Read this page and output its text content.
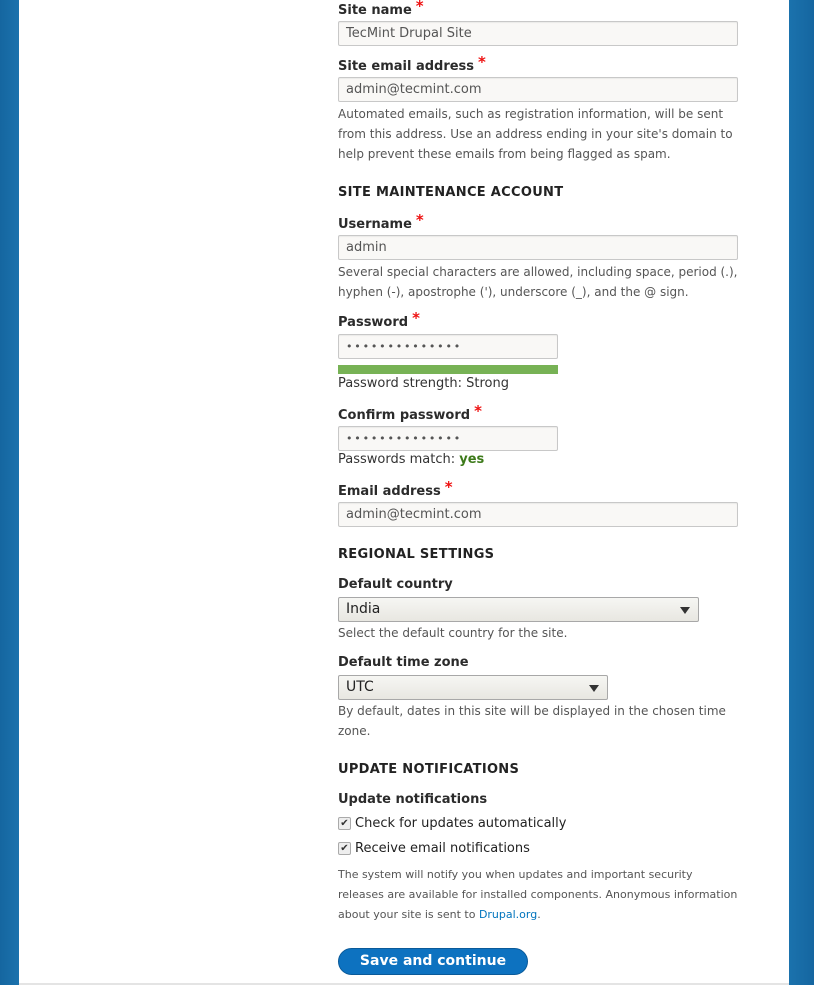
Site name *
TecMint Drupal Site
Site email address *
admin@tecmint.com
Automated emails, such as registration information, will be sent
from this address. Use an address ending in your site's domain to
help prevent these emails from being flagged as spam.
SITE MAINTENANCE ACCOUNT
Username *
admin
Several special characters are allowed, including space, period (.),
hyphen (-), apostrophe ('), underscore (_), and the @ sign.
Password *
••••••••••••••
Password strength: Strong
Confirm password *
••••••••••••••
Passwords match: yes
Email address *
admin@tecmint.com
REGIONAL SETTINGS
Default country
India
Select the default country for the site.
Default time zone
UTC
By default, dates in this site will be displayed in the chosen time
zone.
UPDATE NOTIFICATIONS
Update notifications
✔ Check for updates automatically
✔ Receive email notifications
The system will notify you when updates and important security
releases are available for installed components. Anonymous information
about your site is sent to Drupal.org.
Save and continue
